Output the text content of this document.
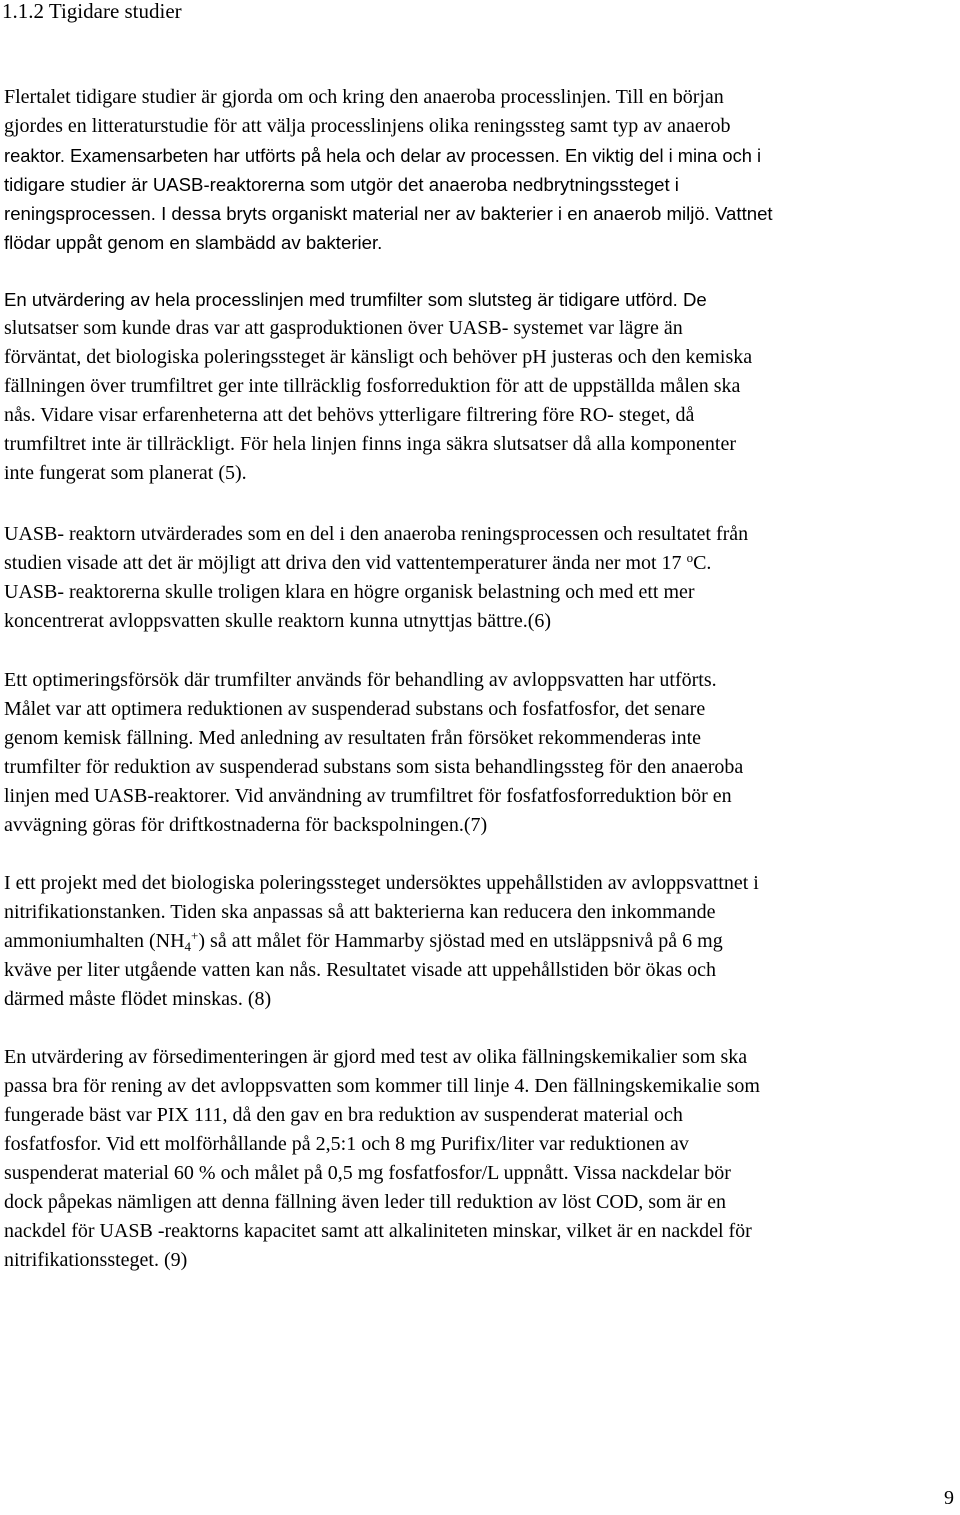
1.1.2 Tigidare studier
Flertalet tidigare studier är gjorda om och kring den anaeroba processlinjen. Till en början
gjordes en litteraturstudie för att välja processlinjens olika reningssteg samt typ av anaerob
reaktor. Examensarbeten har utförts på hela och delar av processen. En viktig del i mina och i
tidigare studier är UASB-reaktorerna som utgör det anaeroba nedbrytningssteget i
reningsprocessen. I dessa bryts organiskt material ner av bakterier i en anaerob miljö. Vattnet
flödar uppåt genom en slambädd av bakterier.
En utvärdering av hela processlinjen med trumfilter som slutsteg är tidigare utförd. De
slutsatser som kunde dras var att gasproduktionen över UASB- systemet var lägre än
förväntat, det biologiska poleringssteget är känsligt och behöver pH justeras och den kemiska
fällningen över trumfiltret ger inte tillräcklig fosforreduktion för att de uppställda målen ska
nås. Vidare visar erfarenheterna att det behövs ytterligare filtrering före RO- steget, då
trumfiltret inte är tillräckligt. För hela linjen finns inga säkra slutsatser då alla komponenter
inte fungerat som planerat (5).
UASB- reaktorn utvärderades som en del i den anaeroba reningsprocessen och resultatet från
studien visade att det är möjligt att driva den vid vattentemperaturer ända ner mot 17 $^o$C.
UASB- reaktorerna skulle troligen klara en högre organisk belastning och med ett mer
koncentrerat avloppsvatten skulle reaktorn kunna utnyttjas bättre.(6)
Ett optimeringsförsök där trumfilter används för behandling av avloppsvatten har utförts.
Målet var att optimera reduktionen av suspenderad substans och fosfatfosfor, det senare
genom kemisk fällning. Med anledning av resultaten från försöket rekommenderas inte
trumfilter för reduktion av suspenderad substans som sista behandlingssteg för den anaeroba
linjen med UASB-reaktorer. Vid användning av trumfiltret för fosfatfosforreduktion bör en
avvägning göras för driftkostnaderna för backspolningen.(7)
I ett projekt med det biologiska poleringssteget undersöktes uppehållstiden av avloppsvattnet i
nitrifikationstanken. Tiden ska anpassas så att bakterierna kan reducera den inkommande
ammoniumhalten $(NH_4^+)$ så att målet för Hammarby sjöstad med en utsläppsnivå på 6 mg
kväve per liter utgående vatten kan nås. Resultatet visade att uppehållstiden bör ökas och
därmed måste flödet minskas. (8)
En utvärdering av försedimenteringen är gjord med test av olika fällningskemikalier som ska
passa bra för rening av det avloppsvatten som kommer till linje 4. Den fällningskemikalie som
fungerade bäst var PIX 111, då den gav en bra reduktion av suspenderat material och
fosfatfosfor. Vid ett molförhållande på 2,5:1 och 8 mg Purifix/liter var reduktionen av
suspenderat material 60 % och målet på 0,5 mg fosfatfosfor/L uppnått. Vissa nackdelar bör
dock påpekas nämligen att denna fällning även leder till reduktion av löst COD, som är en
nackdel för UASB -reaktorns kapacitet samt att alkaliniteten minskar, vilket är en nackdel för
nitrifikationssteget. (9)
9
